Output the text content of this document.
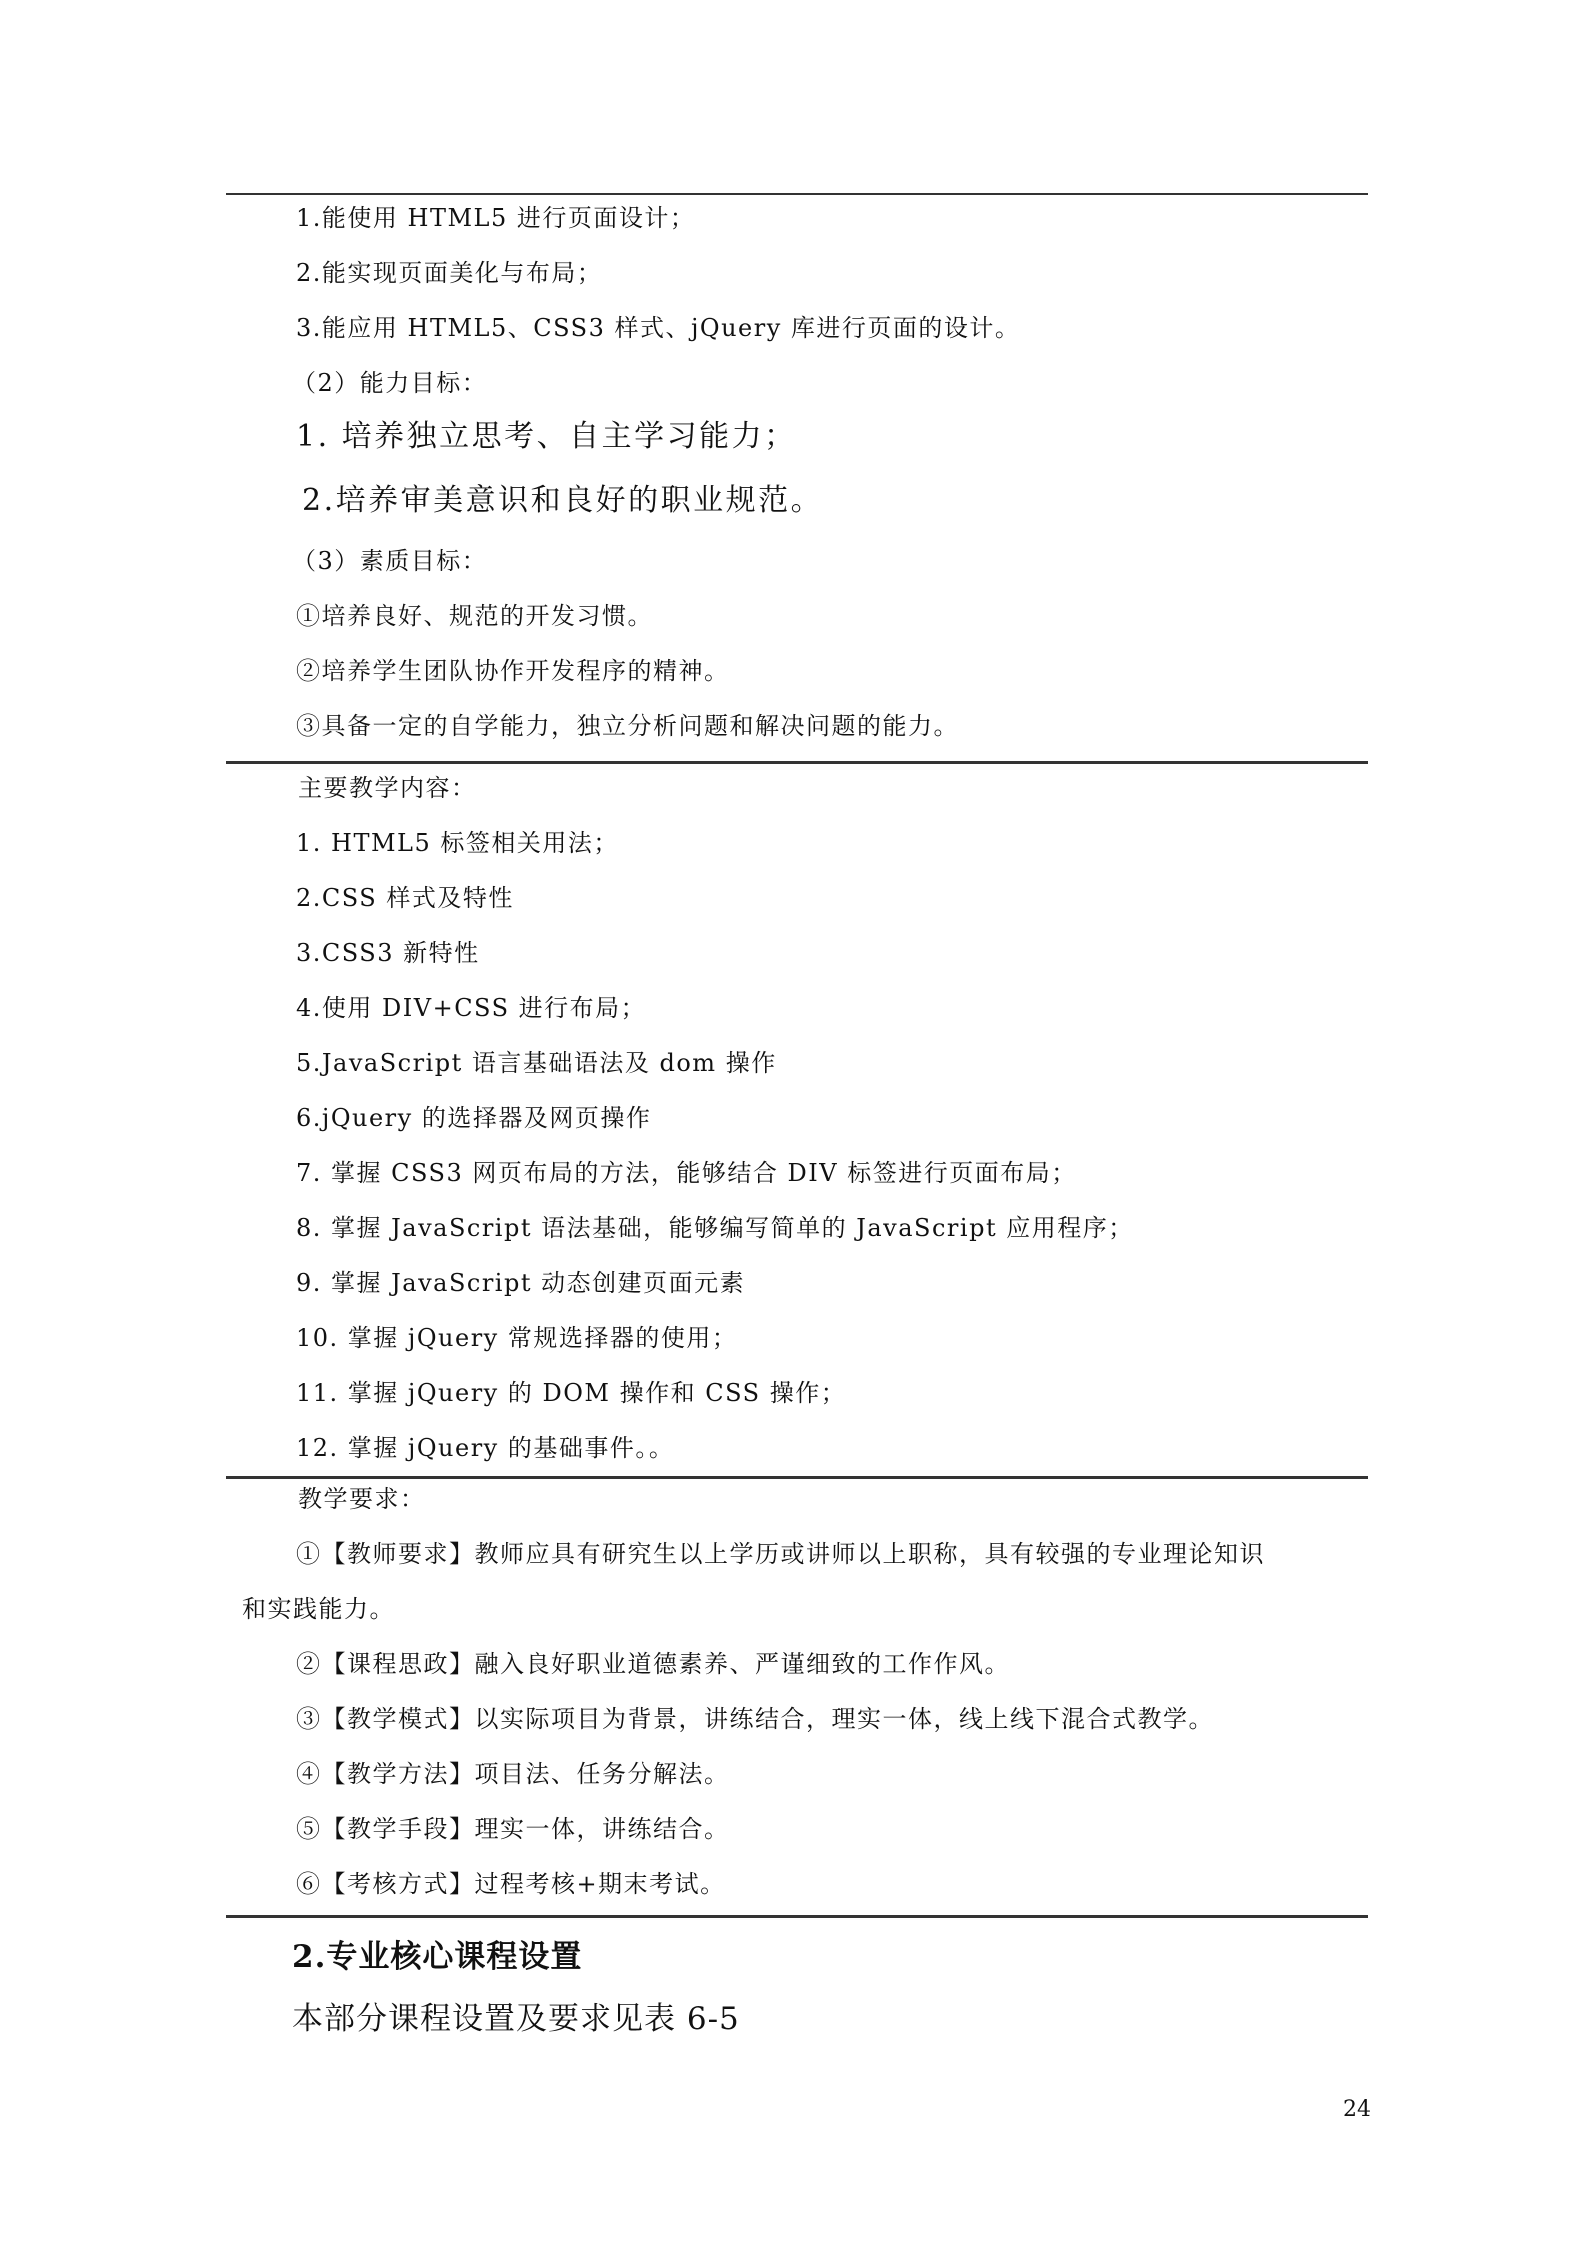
1.能使用 HTML5 进行页面设计；
2.能实现页面美化与布局；
3.能应用 HTML5、CSS3 样式、jQuery 库进行页面的设计。
（2）能力目标：
1. 培养独立思考、自主学习能力；
2.培养审美意识和良好的职业规范。
（3）素质目标：
①培养良好、规范的开发习惯。
②培养学生团队协作开发程序的精神。
③具备一定的自学能力，独立分析问题和解决问题的能力。
主要教学内容：
1. HTML5 标签相关用法；
2.CSS 样式及特性
3.CSS3 新特性
4.使用 DIV+CSS 进行布局；
5.JavaScript 语言基础语法及 dom 操作
6.jQuery 的选择器及网页操作
7. 掌握 CSS3 网页布局的方法，能够结合 DIV 标签进行页面布局；
8. 掌握 JavaScript 语法基础，能够编写简单的 JavaScript 应用程序；
9. 掌握 JavaScript 动态创建页面元素
10. 掌握 jQuery 常规选择器的使用；
11. 掌握 jQuery 的 DOM 操作和 CSS 操作；
12. 掌握 jQuery 的基础事件。。
教学要求：
①【教师要求】教师应具有研究生以上学历或讲师以上职称，具有较强的专业理论知识
和实践能力。
②【课程思政】融入良好职业道德素养、严谨细致的工作作风。
③【教学模式】以实际项目为背景，讲练结合，理实一体，线上线下混合式教学。
④【教学方法】项目法、任务分解法。
⑤【教学手段】理实一体，讲练结合。
⑥【考核方式】过程考核+期末考试。
2.专业核心课程设置
本部分课程设置及要求见表 6-5
24
